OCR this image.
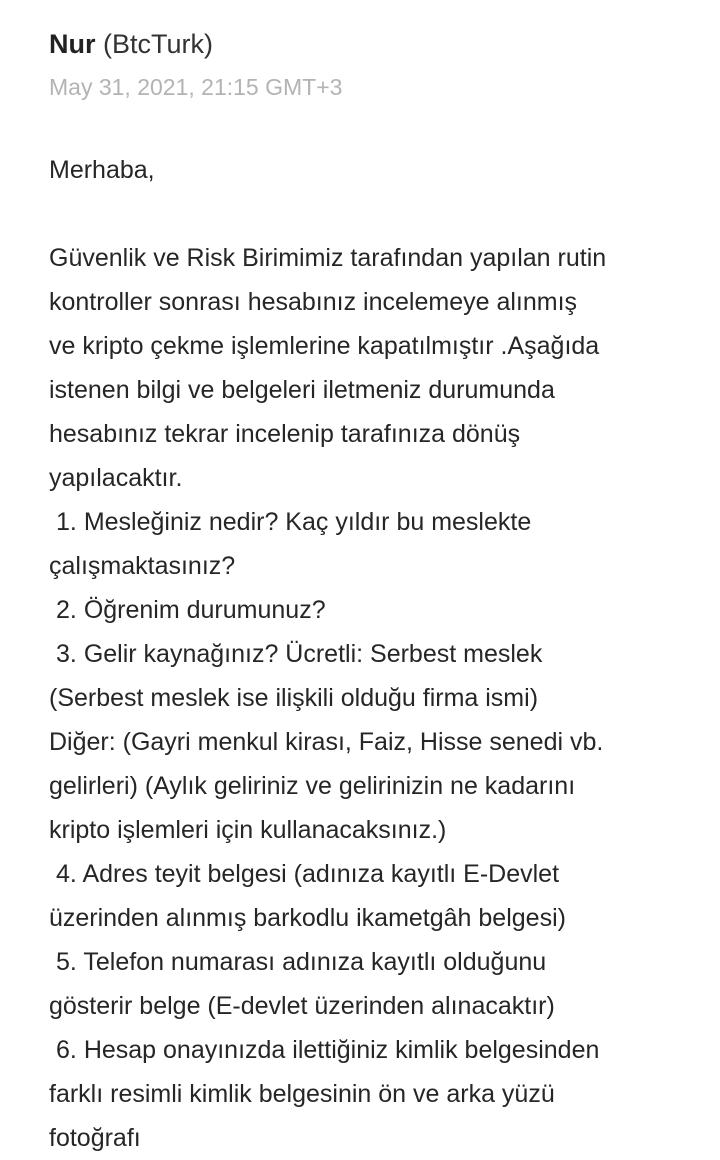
Nur (BtcTurk)
May 31, 2021, 21:15 GMT+3
Merhaba,
Güvenlik ve Risk Birimimiz tarafından yapılan rutin
kontroller sonrası hesabınız incelemeye alınmış
ve kripto çekme işlemlerine kapatılmıştır .Aşağıda
istenen bilgi ve belgeleri iletmeniz durumunda
hesabınız tekrar incelenip tarafınıza dönüş
yapılacaktır.
1. Mesleğiniz nedir? Kaç yıldır bu meslekte
çalışmaktasınız?
2. Öğrenim durumunuz?
3. Gelir kaynağınız? Ücretli: Serbest meslek
(Serbest meslek ise ilişkili olduğu firma ismi)
Diğer: (Gayri menkul kirası, Faiz, Hisse senedi vb.
gelirleri) (Aylık geliriniz ve gelirinizin ne kadarını
kripto işlemleri için kullanacaksınız.)
4. Adres teyit belgesi (adınıza kayıtlı E-Devlet
üzerinden alınmış barkodlu ikametgâh belgesi)
5. Telefon numarası adınıza kayıtlı olduğunu
gösterir belge (E-devlet üzerinden alınacaktır)
6. Hesap onayınızda ilettiğiniz kimlik belgesinden
farklı resimli kimlik belgesinin ön ve arka yüzü
fotoğrafı
